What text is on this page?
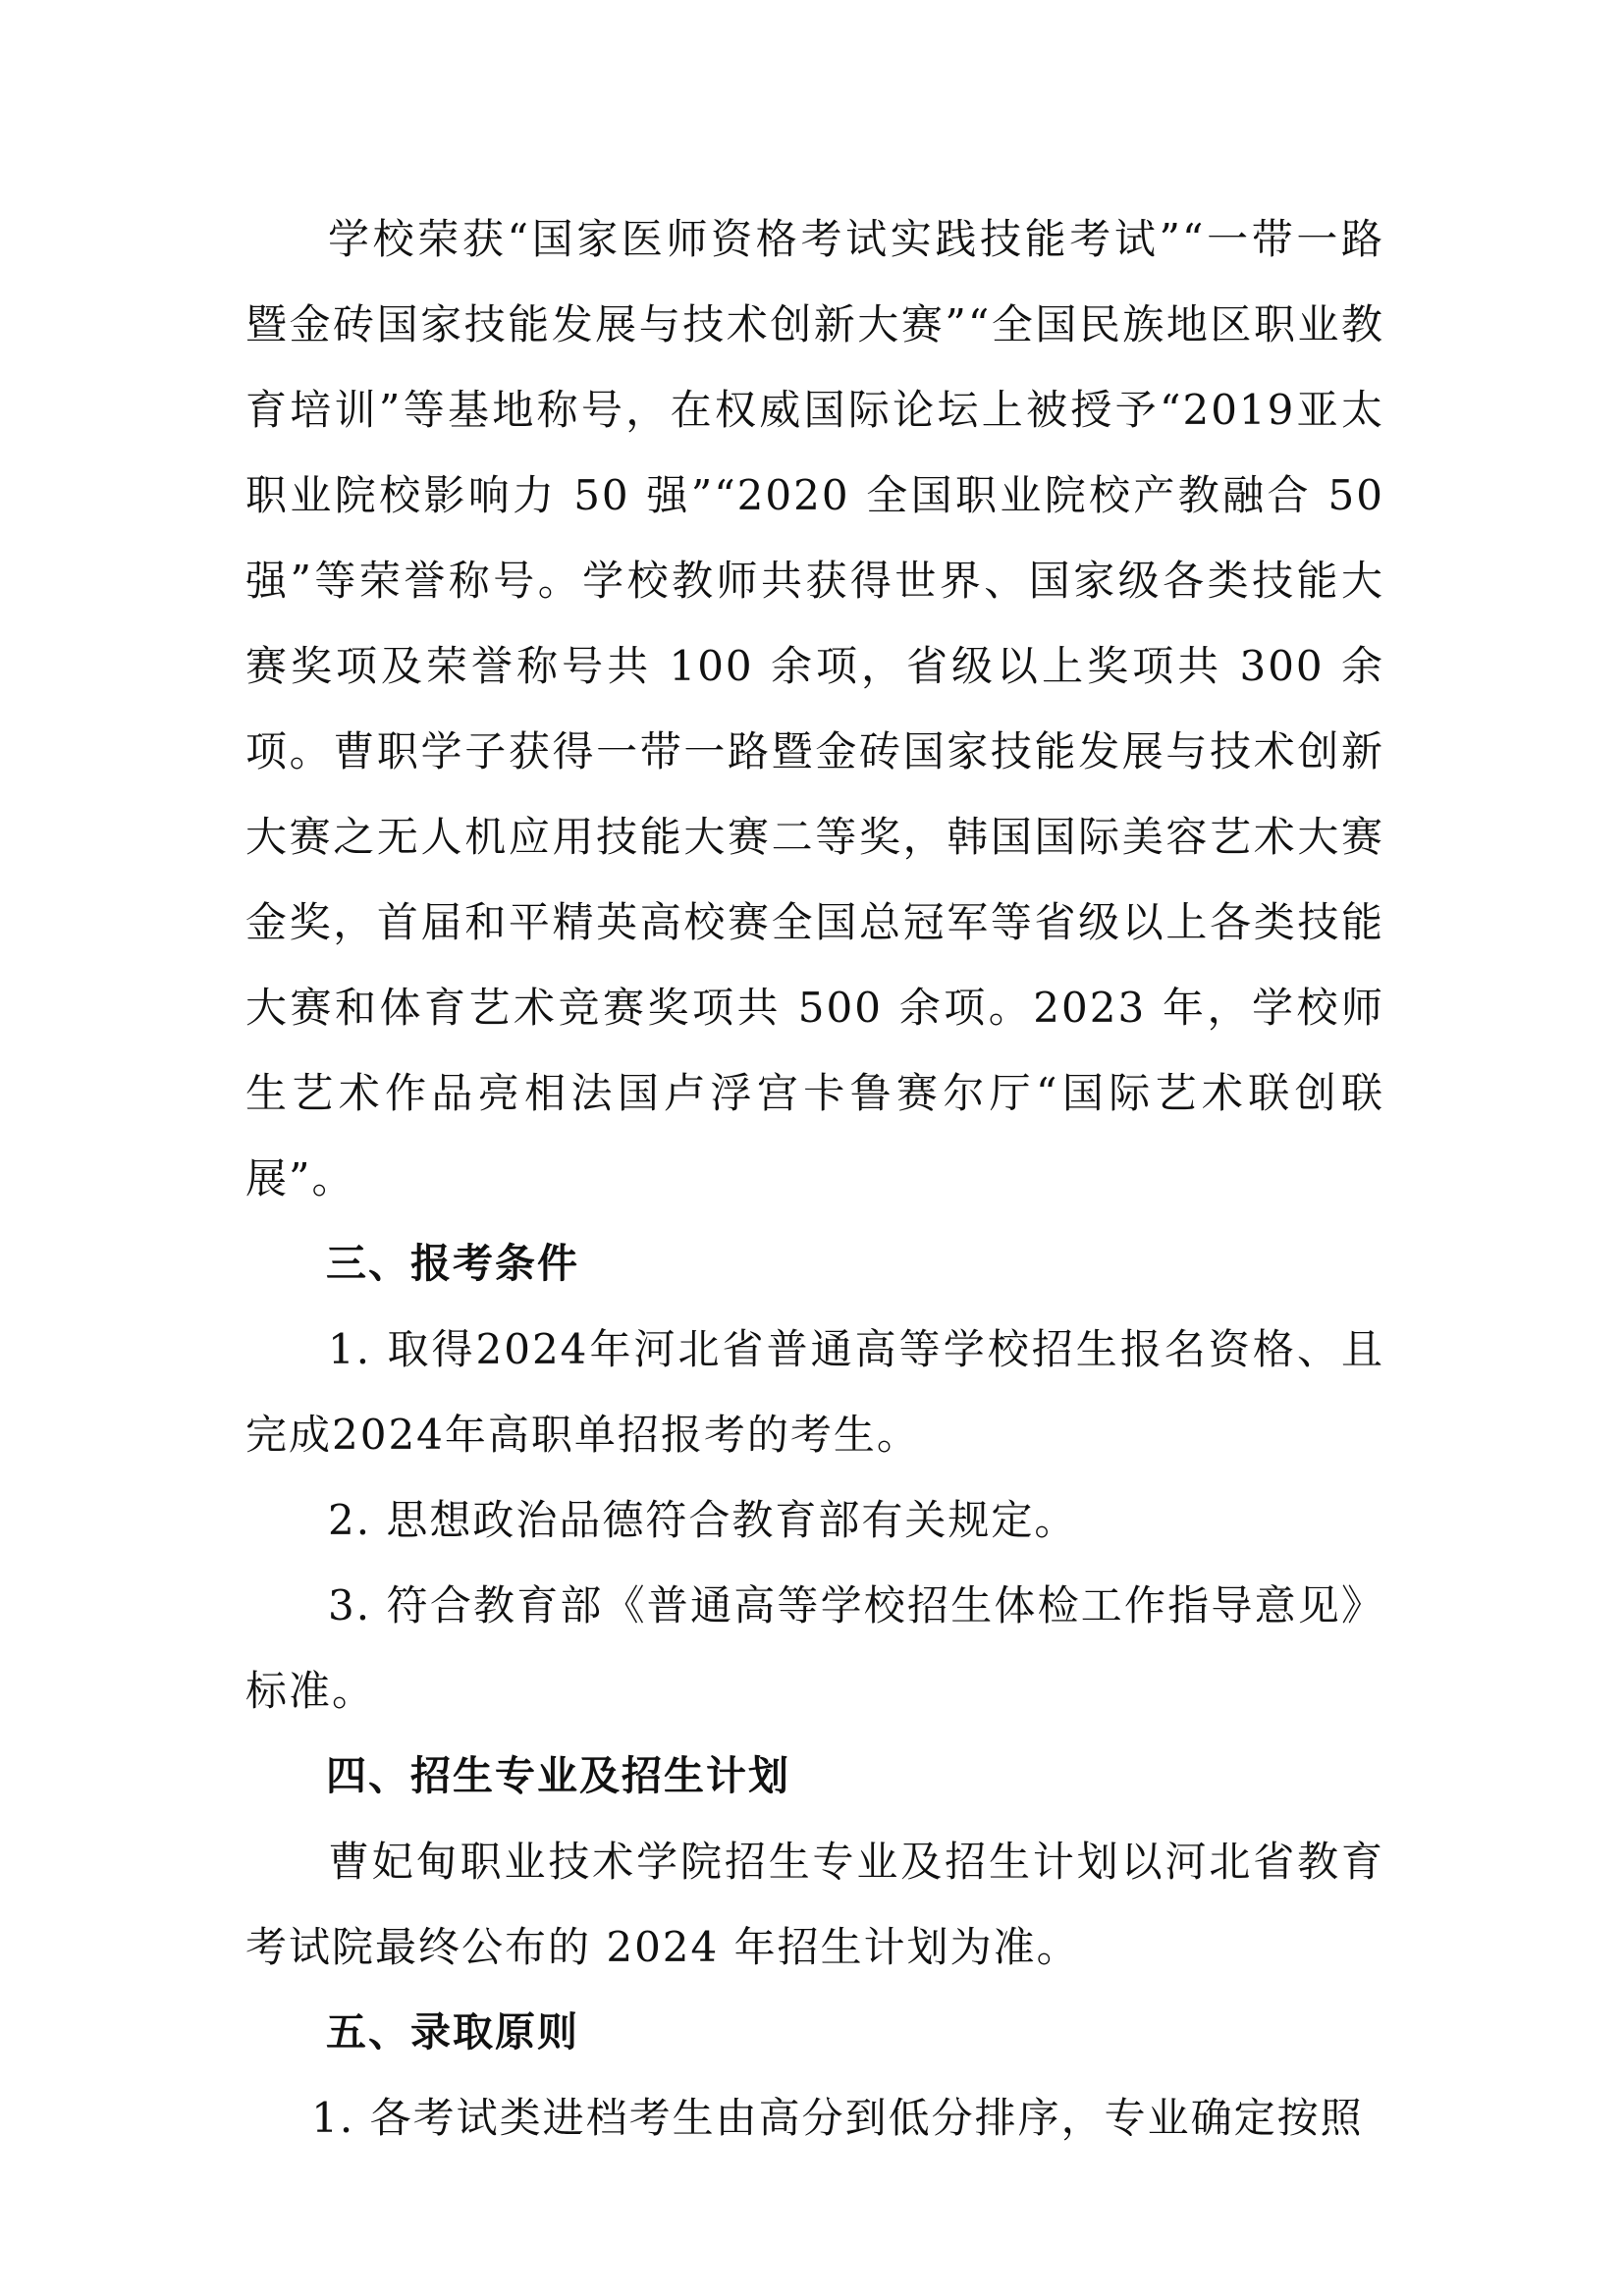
学校荣获“国家医师资格考试实践技能考试”“一带一路暨金砖国家技能发展与技术创新大赛”“全国民族地区职业教育培训”等基地称号，在权威国际论坛上被授予“2019亚太职业院校影响力 50 强”“2020 全国职业院校产教融合 50 强”等荣誉称号。学校教师共获得世界、国家级各类技能大赛奖项及荣誉称号共 100 余项，省级以上奖项共 300 余项。曹职学子获得一带一路暨金砖国家技能发展与技术创新大赛之无人机应用技能大赛二等奖，韩国国际美容艺术大赛金奖，首届和平精英高校赛全国总冠军等省级以上各类技能大赛和体育艺术竞赛奖项共 500 余项。2023 年，学校师生艺术作品亮相法国卢浮宫卡鲁赛尔厅“国际艺术联创联展”。

三、报考条件

1. 取得2024年河北省普通高等学校招生报名资格、且完成2024年高职单招报考的考生。

2. 思想政治品德符合教育部有关规定。

3. 符合教育部《普通高等学校招生体检工作指导意见》标准。

四、招生专业及招生计划

曹妃甸职业技术学院招生专业及招生计划以河北省教育考试院最终公布的 2024 年招生计划为准。

五、录取原则

1. 各考试类进档考生由高分到低分排序，专业确定按照
